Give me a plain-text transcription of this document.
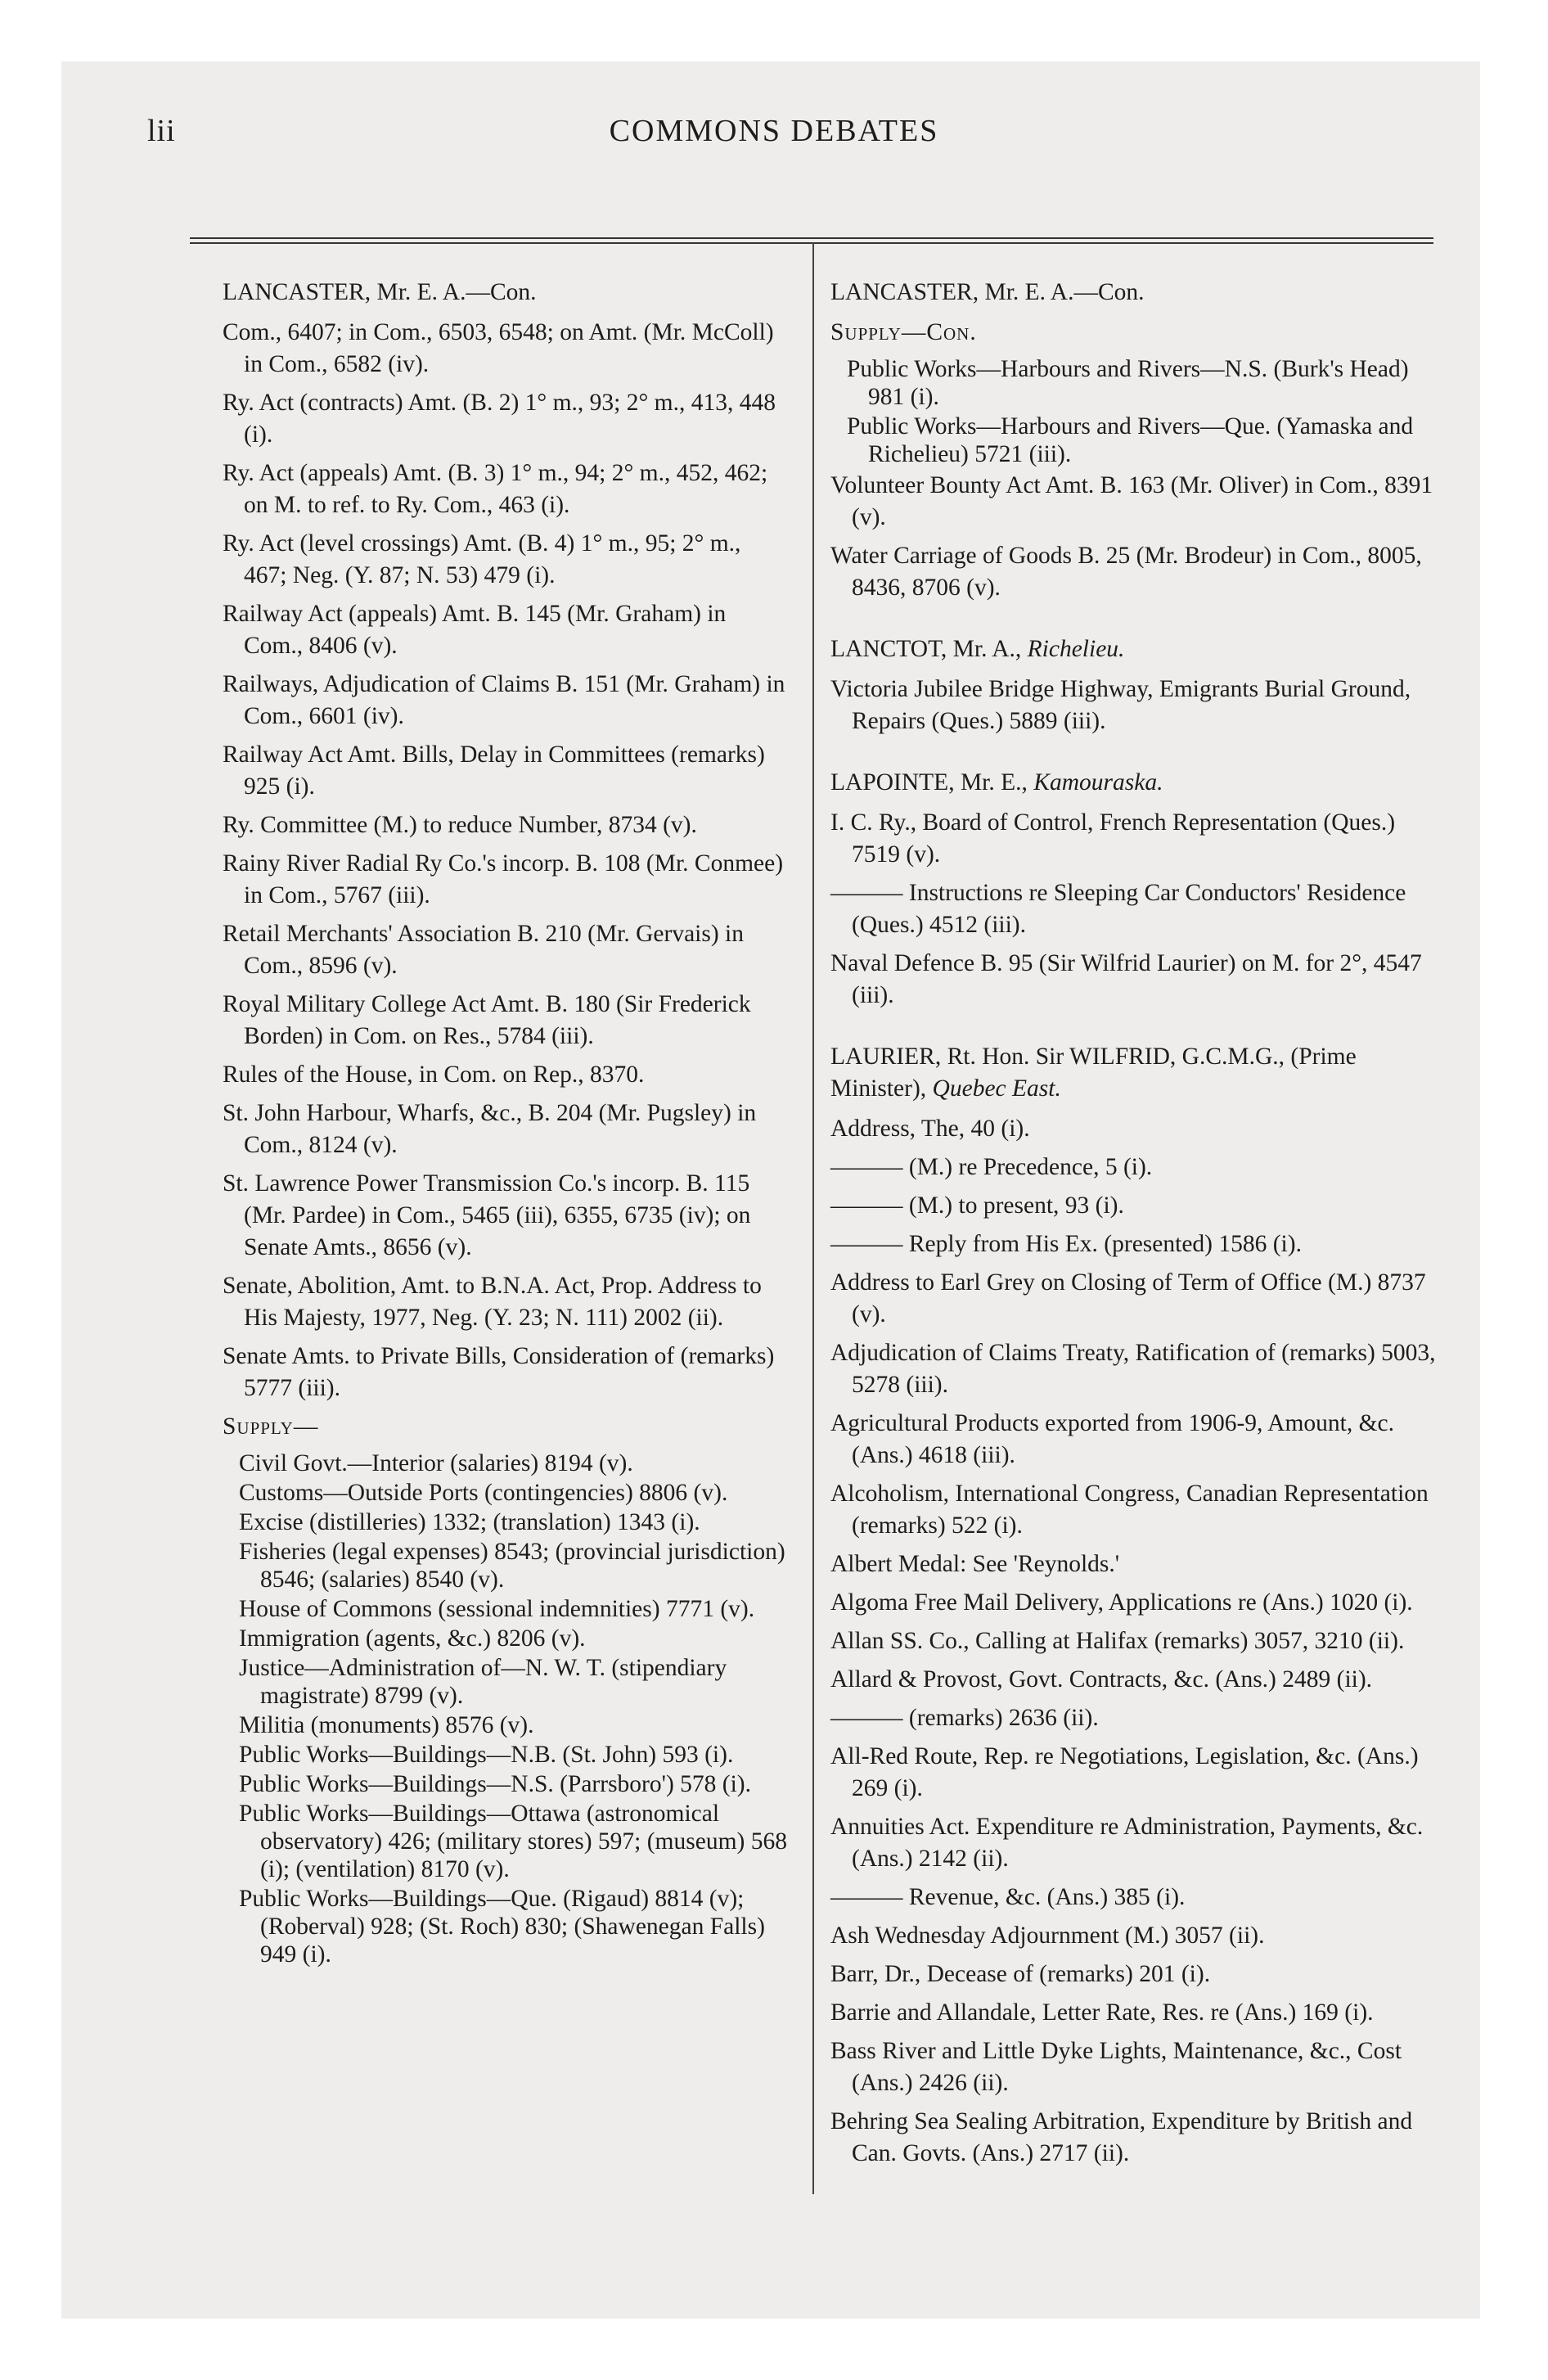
lii	COMMONS DEBATES
LANCASTER, Mr. E. A.—Con.
Com., 6407; in Com., 6503, 6548; on Amt. (Mr. McColl) in Com., 6582 (iv).
Ry. Act (contracts) Amt. (B. 2) 1° m., 93; 2° m., 413, 448 (i).
Ry. Act (appeals) Amt. (B. 3) 1° m., 94; 2° m., 452, 462; on M. to ref. to Ry. Com., 463 (i).
Ry. Act (level crossings) Amt. (B. 4) 1° m., 95; 2° m., 467; Neg. (Y. 87; N. 53) 479 (i).
Railway Act (appeals) Amt. B. 145 (Mr. Graham) in Com., 8406 (v).
Railways, Adjudication of Claims B. 151 (Mr. Graham) in Com., 6601 (iv).
Railway Act Amt. Bills, Delay in Committees (remarks) 925 (i).
Ry. Committee (M.) to reduce Number, 8734 (v).
Rainy River Radial Ry Co.'s incorp. B. 108 (Mr. Conmee) in Com., 5767 (iii).
Retail Merchants' Association B. 210 (Mr. Gervais) in Com., 8596 (v).
Royal Military College Act Amt. B. 180 (Sir Frederick Borden) in Com. on Res., 5784 (iii).
Rules of the House, in Com. on Rep., 8370.
St. John Harbour, Wharfs, &c., B. 204 (Mr. Pugsley) in Com., 8124 (v).
St. Lawrence Power Transmission Co.'s incorp. B. 115 (Mr. Pardee) in Com., 5465 (iii), 6355, 6735 (iv); on Senate Amts., 8656 (v).
Senate, Abolition, Amt. to B.N.A. Act, Prop. Address to His Majesty, 1977, Neg. (Y. 23; N. 111) 2002 (ii).
Senate Amts. to Private Bills, Consideration of (remarks) 5777 (iii).
Supply—
Civil Govt.—Interior (salaries) 8194 (v).
Customs—Outside Ports (contingencies) 8806 (v).
Excise (distilleries) 1332; (translation) 1343 (i).
Fisheries (legal expenses) 8543; (provincial jurisdiction) 8546; (salaries) 8540 (v).
House of Commons (sessional indemnities) 7771 (v).
Immigration (agents, &c.) 8206 (v).
Justice—Administration of—N. W. T. (stipendiary magistrate) 8799 (v).
Militia (monuments) 8576 (v).
Public Works—Buildings—N.B. (St. John) 593 (i).
Public Works—Buildings—N.S. (Parrsboro') 578 (i).
Public Works—Buildings—Ottawa (astronomical observatory) 426; (military stores) 597; (museum) 568 (i); (ventilation) 8170 (v).
Public Works—Buildings—Que. (Rigaud) 8814 (v); (Roberval) 928; (St. Roch) 830; (Shawenegan Falls) 949 (i).
LANCASTER, Mr. E. A.—Con.
Supply—Con.
Public Works—Harbours and Rivers—N.S. (Burk's Head) 981 (i).
Public Works—Harbours and Rivers—Que. (Yamaska and Richelieu) 5721 (iii).
Volunteer Bounty Act Amt. B. 163 (Mr. Oliver) in Com., 8391 (v).
Water Carriage of Goods B. 25 (Mr. Brodeur) in Com., 8005, 8436, 8706 (v).
LANCTOT, Mr. A., Richelieu.
Victoria Jubilee Bridge Highway, Emigrants Burial Ground, Repairs (Ques.) 5889 (iii).
LAPOINTE, Mr. E., Kamouraska.
I. C. Ry., Board of Control, French Representation (Ques.) 7519 (v).
——— Instructions re Sleeping Car Conductors' Residence (Ques.) 4512 (iii).
Naval Defence B. 95 (Sir Wilfrid Laurier) on M. for 2°, 4547 (iii).
LAURIER, Rt. Hon. Sir WILFRID, G.C.M.G., (Prime Minister), Quebec East.
Address, The, 40 (i).
——— (M.) re Precedence, 5 (i).
——— (M.) to present, 93 (i).
——— Reply from His Ex. (presented) 1586 (i).
Address to Earl Grey on Closing of Term of Office (M.) 8737 (v).
Adjudication of Claims Treaty, Ratification of (remarks) 5003, 5278 (iii).
Agricultural Products exported from 1906-9, Amount, &c. (Ans.) 4618 (iii).
Alcoholism, International Congress, Canadian Representation (remarks) 522 (i).
Albert Medal: See 'Reynolds.'
Algoma Free Mail Delivery, Applications re (Ans.) 1020 (i).
Allan SS. Co., Calling at Halifax (remarks) 3057, 3210 (ii).
Allard & Provost, Govt. Contracts, &c. (Ans.) 2489 (ii).
——— (remarks) 2636 (ii).
All-Red Route, Rep. re Negotiations, Legislation, &c. (Ans.) 269 (i).
Annuities Act. Expenditure re Administration, Payments, &c. (Ans.) 2142 (ii).
——— Revenue, &c. (Ans.) 385 (i).
Ash Wednesday Adjournment (M.) 3057 (ii).
Barr, Dr., Decease of (remarks) 201 (i).
Barrie and Allandale, Letter Rate, Res. re (Ans.) 169 (i).
Bass River and Little Dyke Lights, Maintenance, &c., Cost (Ans.) 2426 (ii).
Behring Sea Sealing Arbitration, Expenditure by British and Can. Govts. (Ans.) 2717 (ii).
